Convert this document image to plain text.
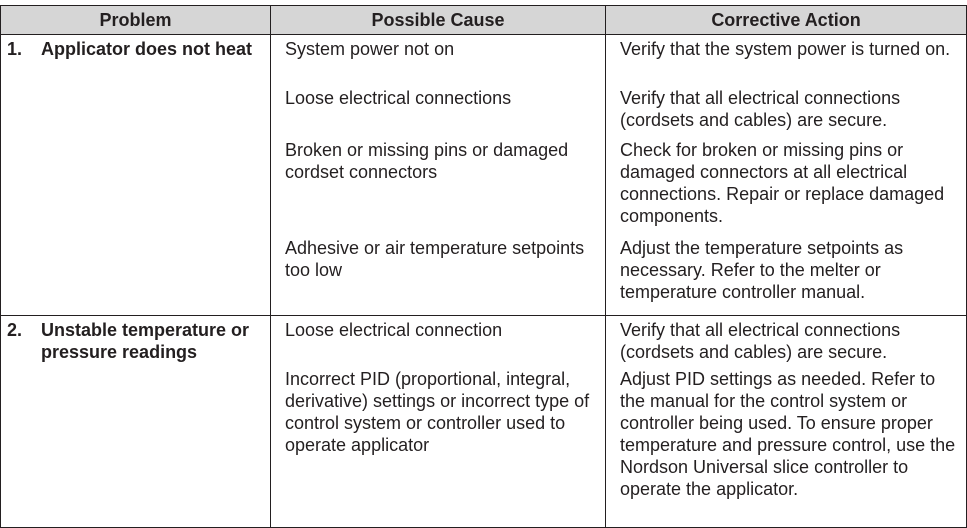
Problem	Possible Cause	Corrective Action

1. Applicator does not heat	System power not on	Verify that the system power is turned on.

	Loose electrical connections	Verify that all electrical connections (cordsets and cables) are secure.

	Broken or missing pins or damaged cordset connectors	Check for broken or missing pins or damaged connectors at all electrical connections. Repair or replace damaged components.

	Adhesive or air temperature setpoints too low	Adjust the temperature setpoints as necessary. Refer to the melter or temperature controller manual.

2. Unstable temperature or pressure readings	Loose electrical connection	Verify that all electrical connections (cordsets and cables) are secure.

	Incorrect PID (proportional, integral, derivative) settings or incorrect type of control system or controller used to operate applicator	Adjust PID settings as needed. Refer to the manual for the control system or controller being used. To ensure proper temperature and pressure control, use the Nordson Universal slice controller to operate the applicator.
